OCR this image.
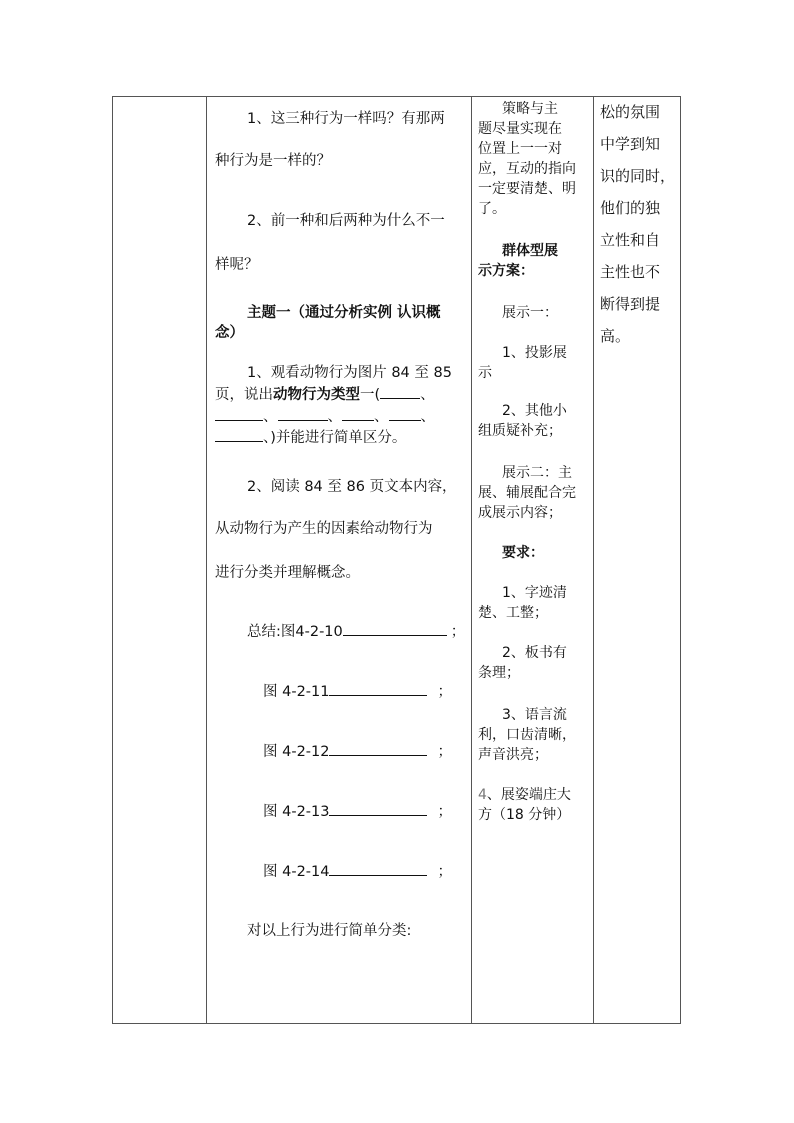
1、这三种行为一样吗？有那两
种行为是一样的？
2、前一种和后两种为什么不一
样呢？
主题一（通过分析实例 认识概
念）
1、观看动物行为图片 84 至 85
页，说出动物行为类型一(	、
、	、 、 、
、)并能进行简单区分。
2、阅读 84 至 86 页文本内容，
从动物行为产生的因素给动物行为
进行分类并理解概念。
总结:图4-2-10	；
图 4-2-11	；
图 4-2-12	；
图 4-2-13	；
图 4-2-14	；
对以上行为进行简单分类:
策略与主
题尽量实现在
位置上一一对
应，互动的指向
一定要清楚、明
了。
群体型展
示方案：
展示一：
1、投影展
示
2、其他小
组质疑补充；
展示二：主
展、辅展配合完
成展示内容；
要求：
1、字迹清
楚、工整；
2、板书有
条理；
3、语言流
利，口齿清晰，
声音洪亮；
4、展姿端庄大
方（18 分钟）
松的氛围
中学到知
识的同时，
他们的独
立性和自
主性也不
断得到提
高。
